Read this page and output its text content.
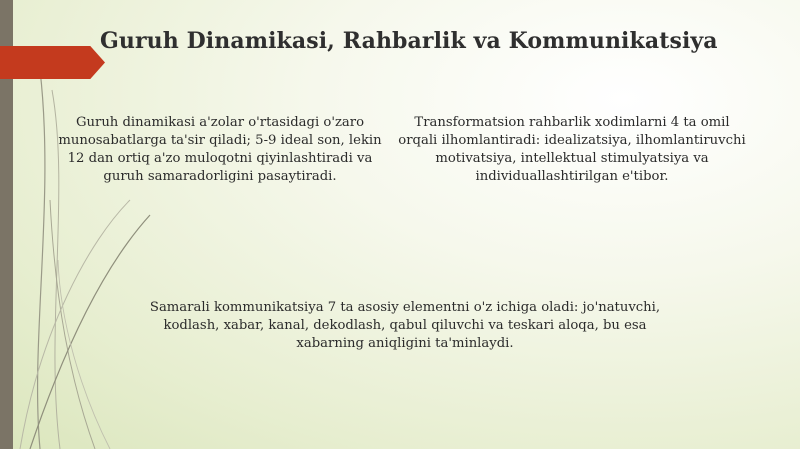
Guruh Dinamikasi, Rahbarlik va Kommunikatsiya

Guruh dinamikasi a'zolar o'rtasidagi o'zaro munosabatlarga ta'sir qiladi; 5-9 ideal son, lekin 12 dan ortiq a'zo muloqotni qiyinlashtiradi va guruh samaradorligini pasaytiradi.

Transformatsion rahbarlik xodimlarni 4 ta omil orqali ilhomlantiradi: idealizatsiya, ilhomlantiruvchi motivatsiya, intellektual stimulyatsiya va individuallashtirilgan e'tibor.

Samarali kommunikatsiya 7 ta asosiy elementni o'z ichiga oladi: jo'natuvchi, kodlash, xabar, kanal, dekodlash, qabul qiluvchi va teskari aloqa, bu esa xabarning aniqligini ta'minlaydi.
